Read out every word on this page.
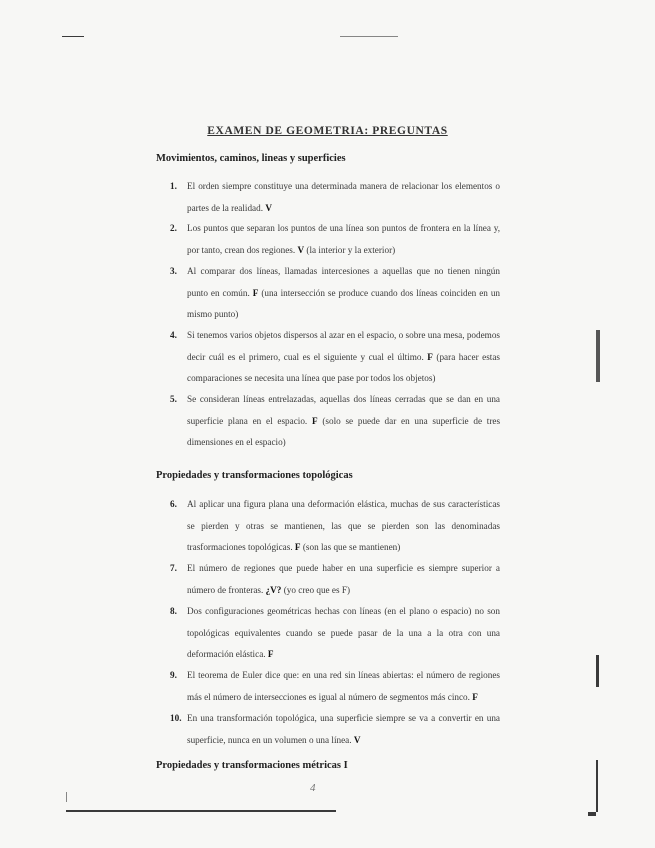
EXAMEN DE GEOMETRIA: PREGUNTAS
Movimientos, caminos, lineas y superficies
1. El orden siempre constituye una determinada manera de relacionar los elementos o partes de la realidad. V
2. Los puntos que separan los puntos de una línea son puntos de frontera en la línea y, por tanto, crean dos regiones. V (la interior y la exterior)
3. Al comparar dos líneas, llamadas intercesiones a aquellas que no tienen ningún punto en común. F (una intersección se produce cuando dos líneas coinciden en un mismo punto)
4. Si tenemos varios objetos dispersos al azar en el espacio, o sobre una mesa, podemos decir cuál es el primero, cual es el siguiente y cual el último. F (para hacer estas comparaciones se necesita una línea que pase por todos los objetos)
5. Se consideran líneas entrelazadas, aquellas dos líneas cerradas que se dan en una superficie plana en el espacio. F (solo se puede dar en una superficie de tres dimensiones en el espacio)
Propiedades y transformaciones topológicas
6. Al aplicar una figura plana una deformación elástica, muchas de sus características se pierden y otras se mantienen, las que se pierden son las denominadas trasformaciones topológicas. F (son las que se mantienen)
7. El número de regiones que puede haber en una superficie es siempre superior a número de fronteras. ¿V? (yo creo que es F)
8. Dos configuraciones geométricas hechas con líneas (en el plano o espacio) no son topológicas equivalentes cuando se puede pasar de la una a la otra con una deformación elástica. F
9. El teorema de Euler dice que: en una red sin líneas abiertas: el número de regiones más el número de intersecciones es igual al número de segmentos más cinco. F
10. En una transformación topológica, una superficie siempre se va a convertir en una superficie, nunca en un volumen o una línea. V
Propiedades y transformaciones métricas I
4
